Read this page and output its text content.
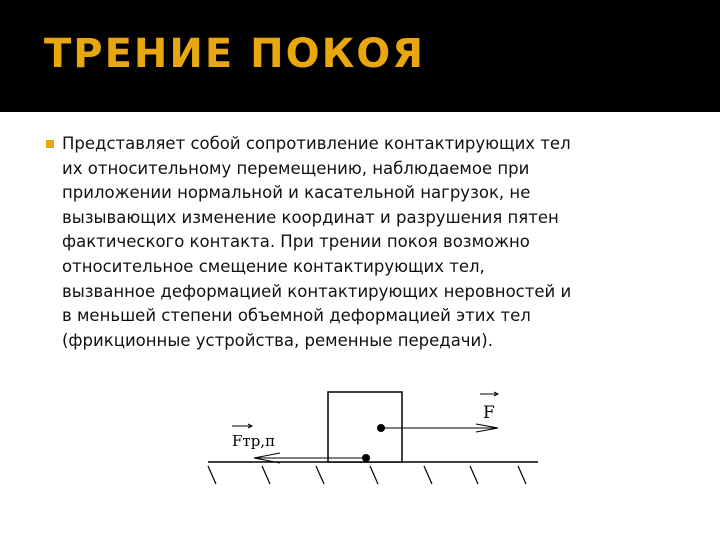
ТРЕНИЕ ПОКОЯ

Представляет собой сопротивление контактирующих тел
их относительному перемещению, наблюдаемое при
приложении нормальной и касательной нагрузок, не
вызывающих изменение координат и разрушения пятен
фактического контакта. При трении покоя возможно
относительное смещение контактирующих тел,
вызванное деформацией контактирующих неровностей и
в меньшей степени объемной деформацией этих тел
(фрикционные устройства, ременные передачи).

F
Fтр,п
